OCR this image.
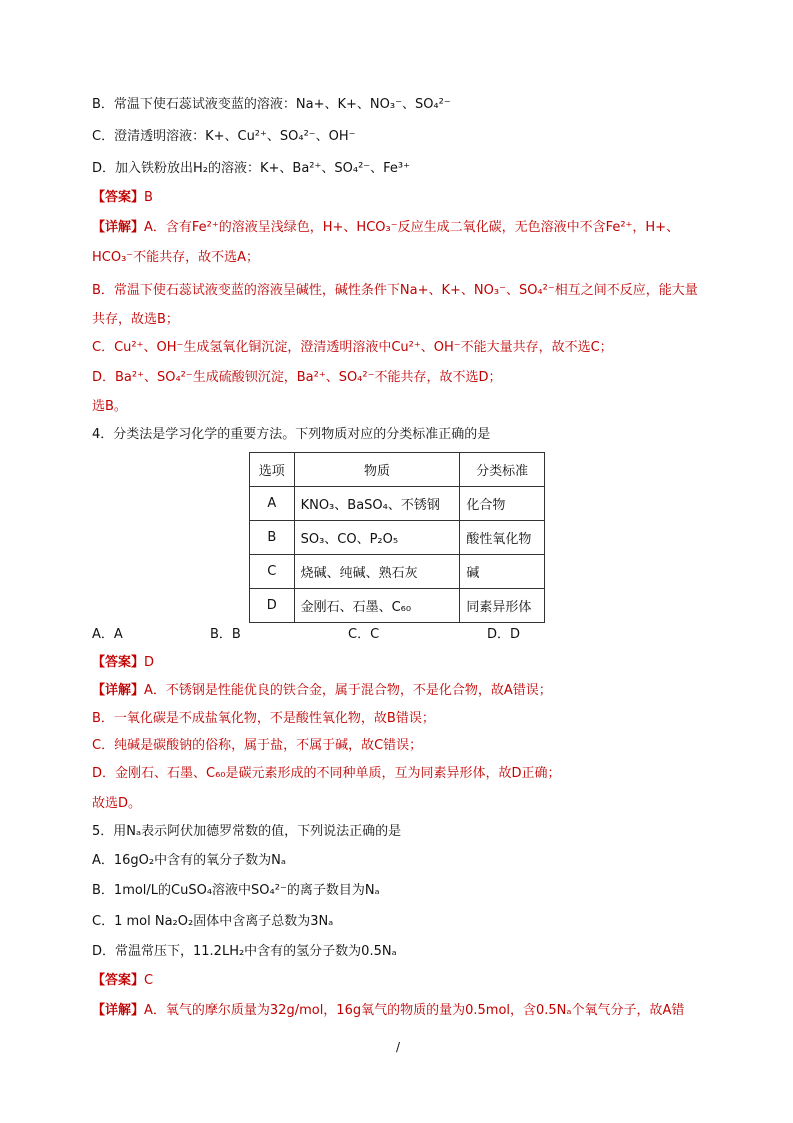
B．常温下使石蕊试液变蓝的溶液：Na+、K+、NO₃⁻、SO₄²⁻
C．澄清透明溶液：K+、Cu²⁺、SO₄²⁻、OH⁻
D．加入铁粉放出H₂的溶液：K+、Ba²⁺、SO₄²⁻、Fe³⁺
【答案】B
【详解】A．含有Fe²⁺的溶液呈浅绿色，H+、HCO₃⁻反应生成二氧化碳，无色溶液中不含Fe²⁺，H+、
HCO₃⁻不能共存，故不选A；
B．常温下使石蕊试液变蓝的溶液呈碱性，碱性条件下Na+、K+、NO₃⁻、SO₄²⁻相互之间不反应，能大量
共存，故选B；
C．Cu²⁺、OH⁻生成氢氧化铜沉淀，澄清透明溶液中Cu²⁺、OH⁻不能大量共存，故不选C；
D．Ba²⁺、SO₄²⁻生成硫酸钡沉淀，Ba²⁺、SO₄²⁻不能共存，故不选D；
选B。
4．分类法是学习化学的重要方法。下列物质对应的分类标准正确的是
选项	物质	分类标准
A	KNO₃、BaSO₄、不锈钢	化合物
B	SO₃、CO、P₂O₅	酸性氧化物
C	烧碱、纯碱、熟石灰	碱
D	金刚石、石墨、C₆₀	同素异形体
A．A	B．B	C．C	D．D
【答案】D
【详解】A．不锈钢是性能优良的铁合金，属于混合物，不是化合物，故A错误；
B．一氧化碳是不成盐氧化物，不是酸性氧化物，故B错误；
C．纯碱是碳酸钠的俗称，属于盐，不属于碱，故C错误；
D．金刚石、石墨、C₆₀是碳元素形成的不同种单质，互为同素异形体，故D正确；
故选D。
5．用Nₐ表示阿伏加德罗常数的值，下列说法正确的是
A．16gO₂中含有的氧分子数为Nₐ
B．1mol/L的CuSO₄溶液中SO₄²⁻的离子数目为Nₐ
C．1 mol Na₂O₂固体中含离子总数为3Nₐ
D．常温常压下，11.2LH₂中含有的氢分子数为0.5Nₐ
【答案】C
【详解】A．氧气的摩尔质量为32g/mol，16g氧气的物质的量为0.5mol，含0.5Nₐ个氧气分子，故A错
/
